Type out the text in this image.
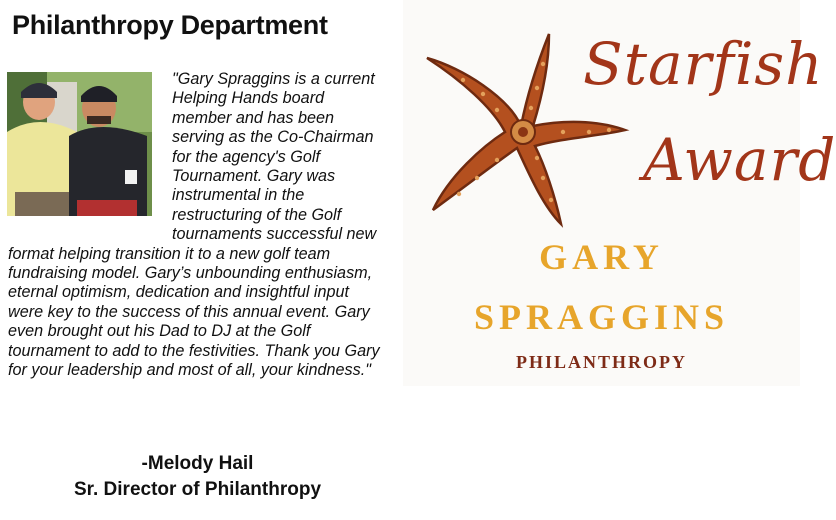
Philanthropy Department
"Gary Spraggins is a current Helping Hands board member and has been serving as the Co-Chairman for the agency's Golf Tournament. Gary was instrumental in the restructuring of the Golf tournaments successful new format helping transition it to a new golf team fundraising model. Gary’s unbounding enthusiasm, eternal optimism, dedication and insightful input were key to the success of this annual event. Gary even brought out his Dad to DJ at the Golf tournament to add to the festivities. Thank you Gary for your leadership and most of all, your kindness."
-Melody Hail
Sr. Director of Philanthropy
Starfish
Award
GARY
SPRAGGINS
PHILANTHROPY
